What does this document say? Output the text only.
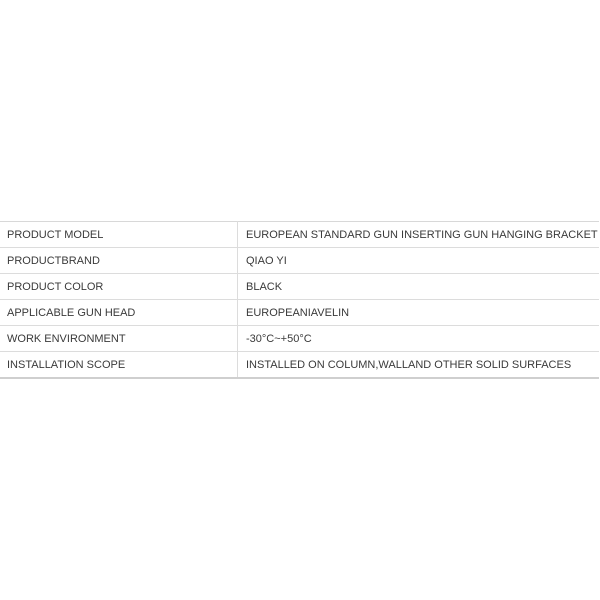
PRODUCT MODEL	EUROPEAN STANDARD GUN INSERTING GUN HANGING BRACKET
PRODUCTBRAND	QIAO YI
PRODUCT COLOR	BLACK
APPLICABLE GUN HEAD	EUROPEANIAVELIN
WORK ENVIRONMENT	-30°C~+50°C
INSTALLATION SCOPE	INSTALLED ON COLUMN,WALLAND OTHER SOLID SURFACES
